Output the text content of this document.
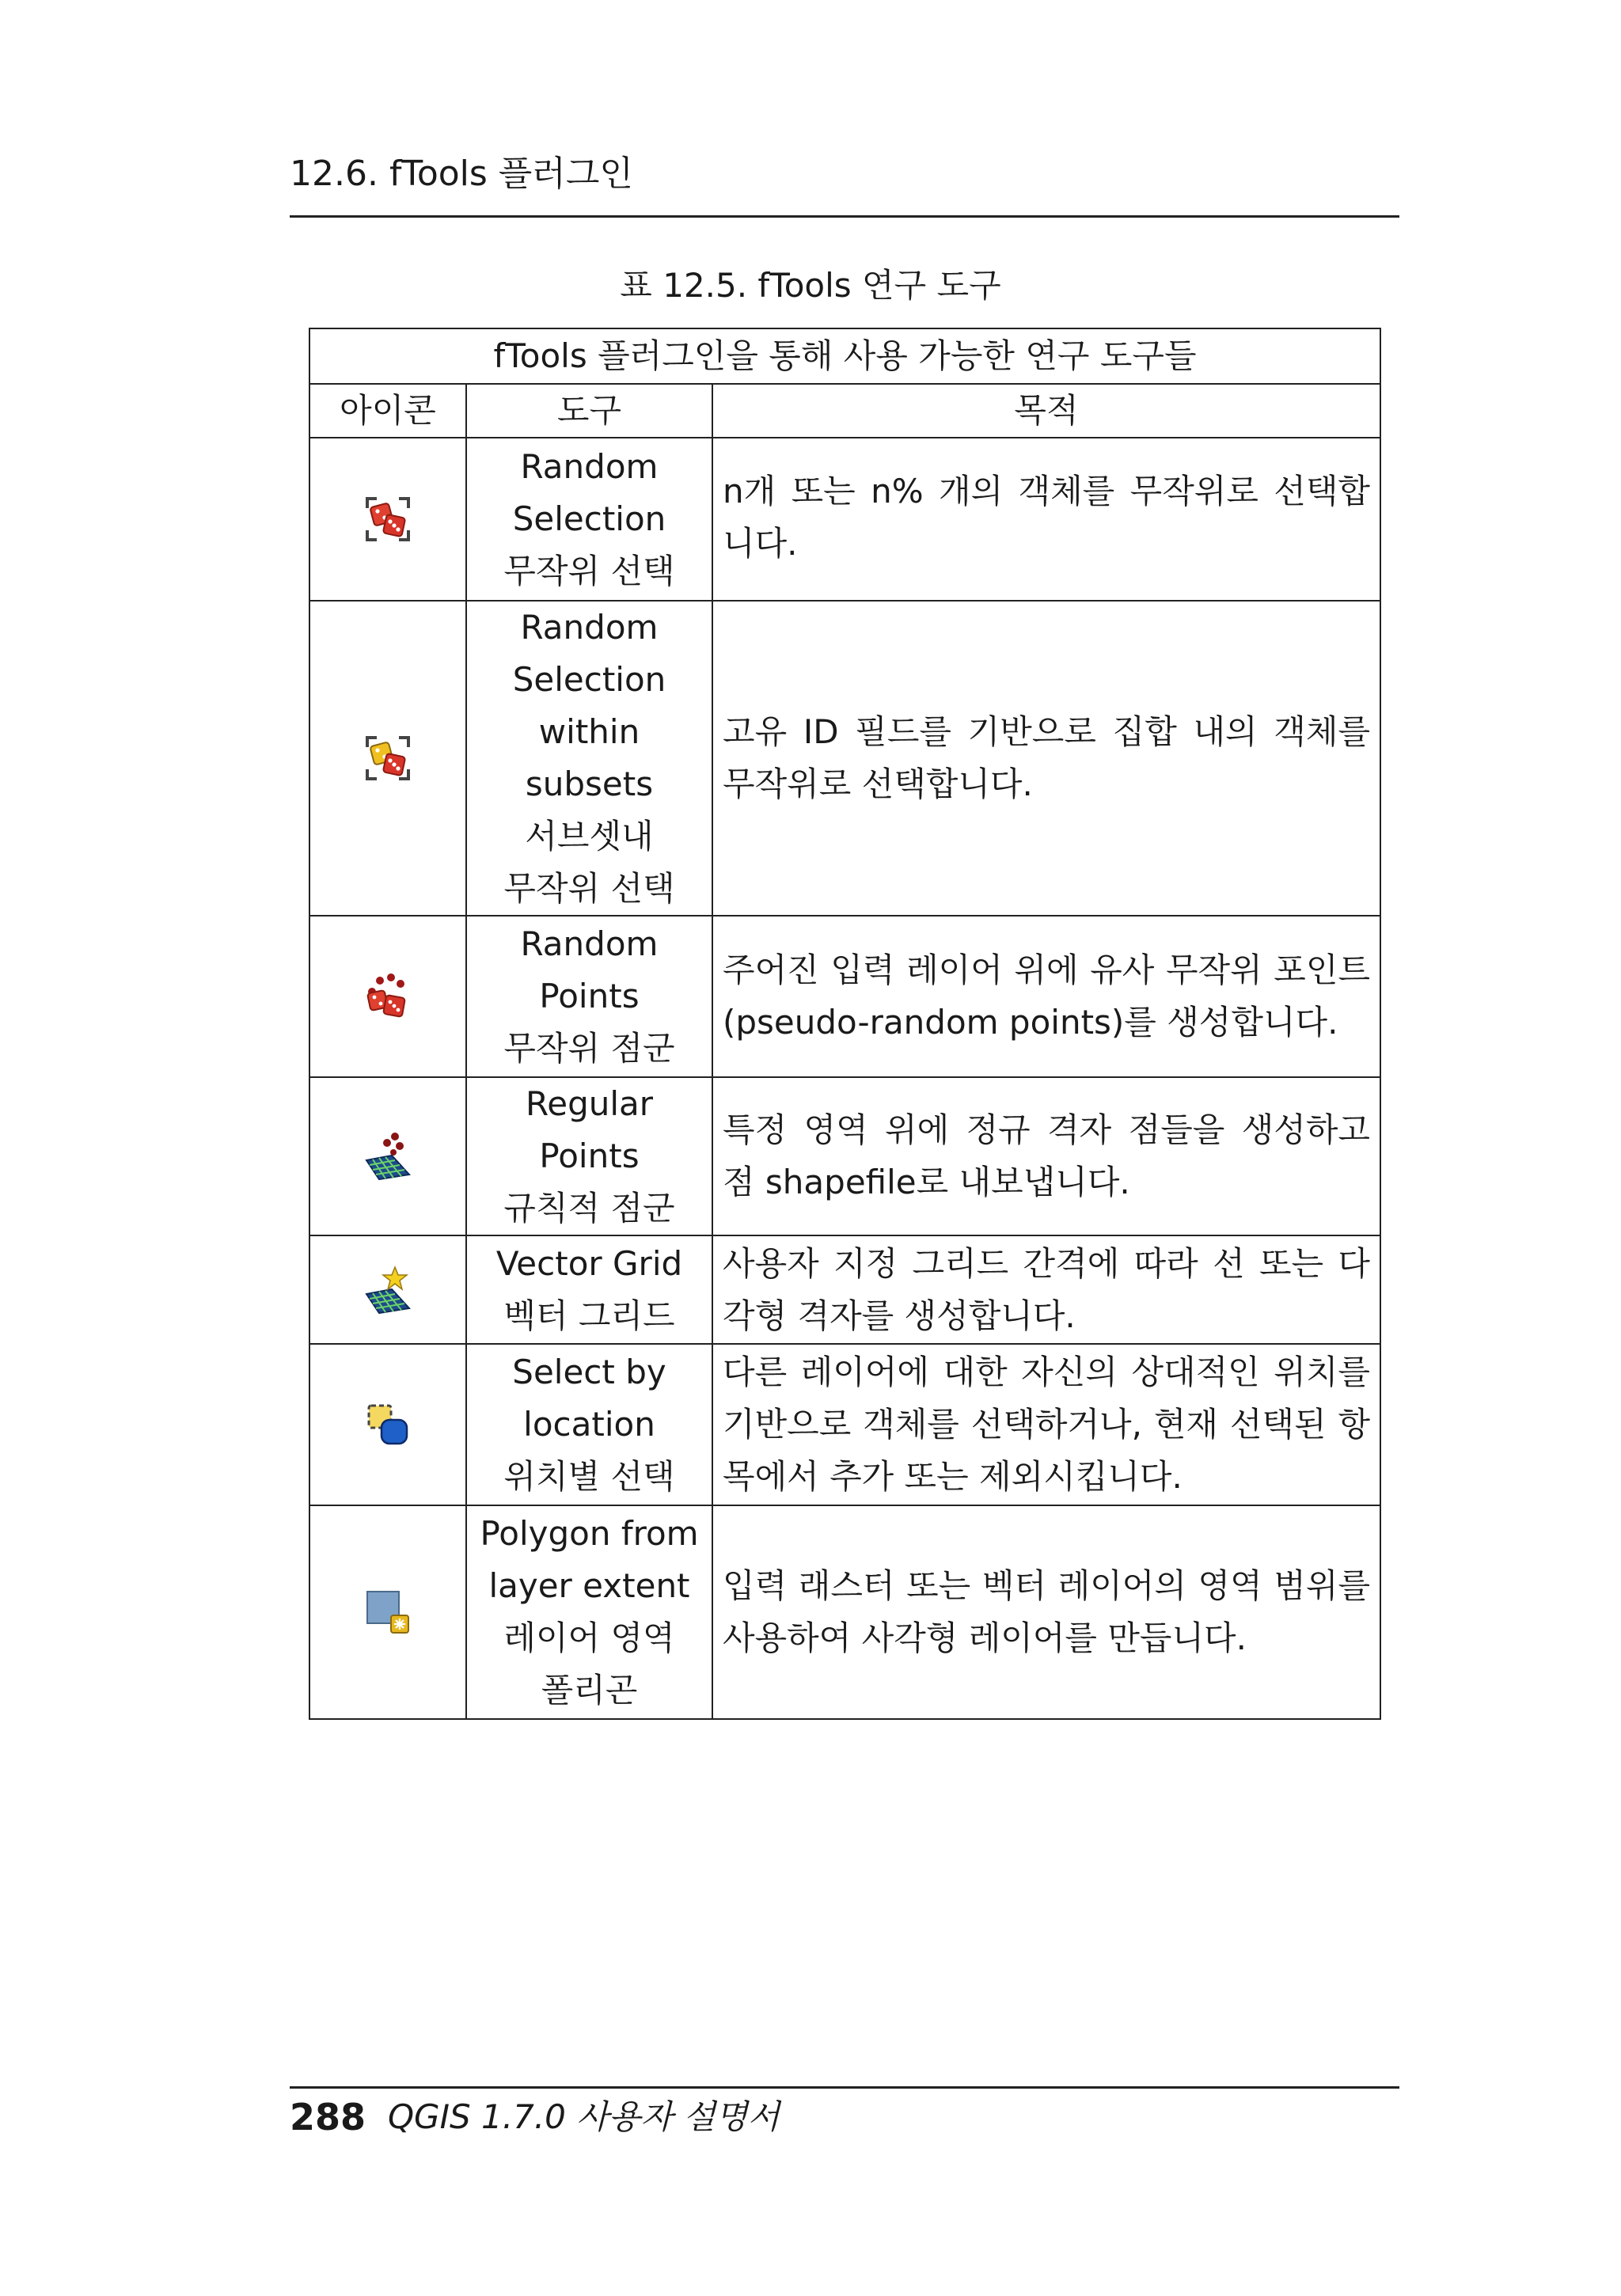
12.6. fTools 플러그인
표 12.5. fTools 연구 도구
fTools 플러그인을 통해 사용 가능한 연구 도구들		
아이콘	도구	목적

Random
Selection
무작위 선택	n개 또는 n% 개의 객체를 무작위로 선택합니다.

Random
Selection
within subsets
서브셋내
무작위 선택	고유 ID 필드를 기반으로 집합 내의 객체를 무작위로 선택합니다.

Random
Points
무작위 점군	주어진 입력 레이어 위에 유사 무작위 포인트 (pseudo-random points)를 생성합니다.

Regular Points
규칙적 점군	특정 영역 위에 정규 격자 점들을 생성하고 점 shapefile로 내보냅니다.

Vector Grid
벡터 그리드	사용자 지정 그리드 간격에 따라 선 또는 다각형 격자를 생성합니다.

Select by
location
위치별 선택	다른 레이어에 대한 자신의 상대적인 위치를 기반으로 객체를 선택하거나, 현재 선택된 항목에서 추가 또는 제외시킵니다.

Polygon from
layer extent
레이어 영역
폴리곤	입력 래스터 또는 벡터 레이어의 영역 범위를 사용하여 사각형 레이어를 만듭니다.
288 QGIS 1.7.0 사용자 설명서
